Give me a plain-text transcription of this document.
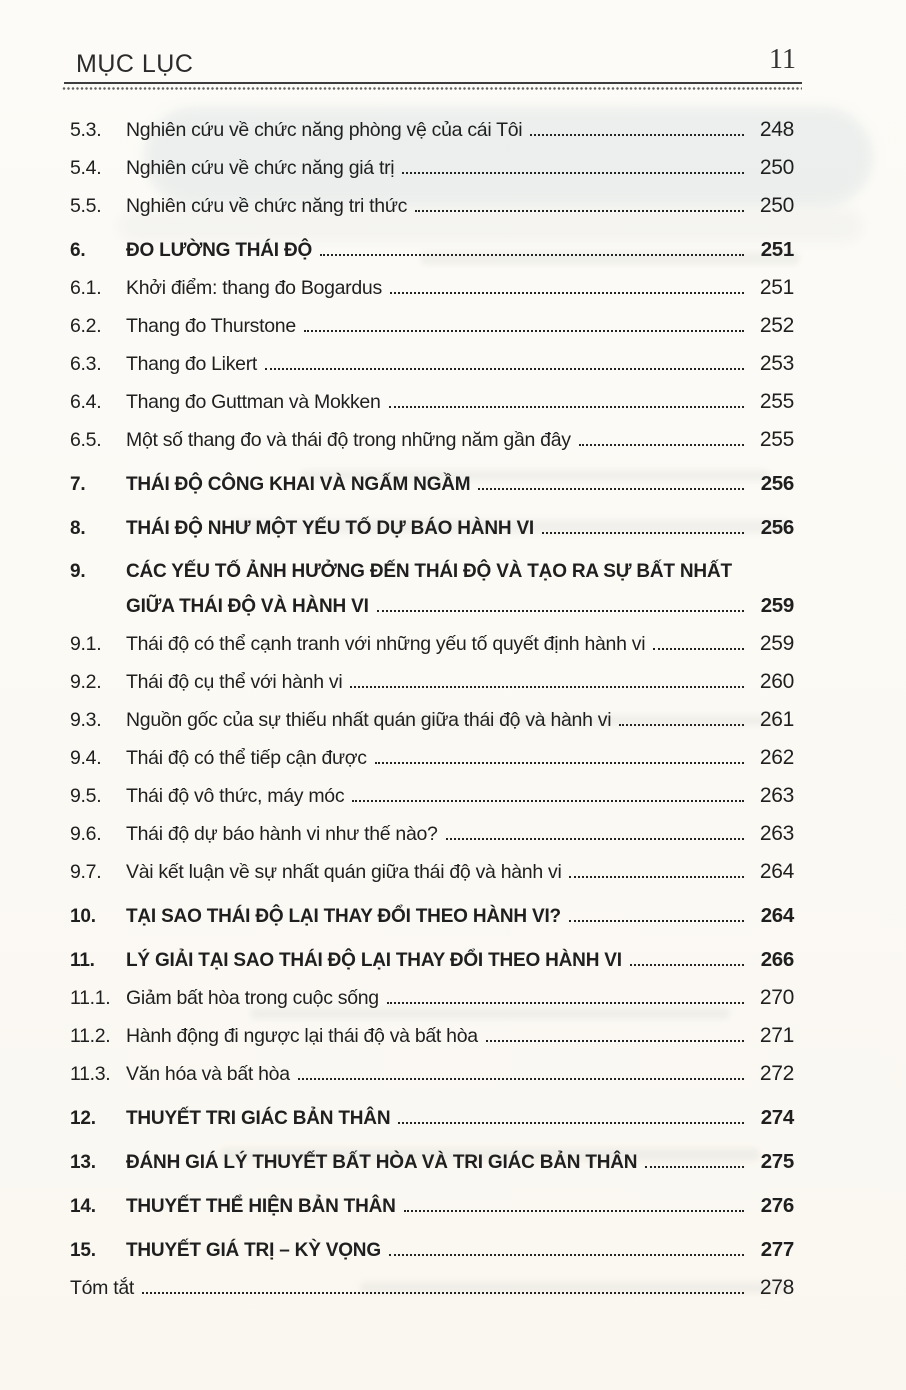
MỤC LỤC	11
5.3.	Nghiên cứu về chức năng phòng vệ của cái Tôi	248
5.4.	Nghiên cứu về chức năng giá trị	250
5.5.	Nghiên cứu về chức năng tri thức	250
6.	ĐO LƯỜNG THÁI ĐỘ	251
6.1.	Khởi điểm: thang đo Bogardus	251
6.2.	Thang đo Thurstone	252
6.3.	Thang đo Likert	253
6.4.	Thang đo Guttman và Mokken	255
6.5.	Một số thang đo và thái độ trong những năm gần đây	255
7.	THÁI ĐỘ CÔNG KHAI VÀ NGẤM NGẦM	256
8.	THÁI ĐỘ NHƯ MỘT YẾU TỐ DỰ BÁO HÀNH VI	256
9.	CÁC YẾU TỐ ẢNH HƯỞNG ĐẾN THÁI ĐỘ VÀ TẠO RA SỰ BẤT NHẤT
GIỮA THÁI ĐỘ VÀ HÀNH VI	259
9.1.	Thái độ có thể cạnh tranh với những yếu tố quyết định hành vi	259
9.2.	Thái độ cụ thể với hành vi	260
9.3.	Nguồn gốc của sự thiếu nhất quán giữa thái độ và hành vi	261
9.4.	Thái độ có thể tiếp cận được	262
9.5.	Thái độ vô thức, máy móc	263
9.6.	Thái độ dự báo hành vi như thế nào?	263
9.7.	Vài kết luận về sự nhất quán giữa thái độ và hành vi	264
10.	TẠI SAO THÁI ĐỘ LẠI THAY ĐỔI THEO HÀNH VI?	264
11.	LÝ GIẢI TẠI SAO THÁI ĐỘ LẠI THAY ĐỔI THEO HÀNH VI	266
11.1. Giảm bất hòa trong cuộc sống	270
11.2. Hành động đi ngược lại thái độ và bất hòa	271
11.3. Văn hóa và bất hòa	272
12.	THUYẾT TRI GIÁC BẢN THÂN	274
13.	ĐÁNH GIÁ LÝ THUYẾT BẤT HÒA VÀ TRI GIÁC BẢN THÂN	275
14.	THUYẾT THỂ HIỆN BẢN THÂN	276
15.	THUYẾT GIÁ TRỊ – KỲ VỌNG	277
Tóm tắt	278
